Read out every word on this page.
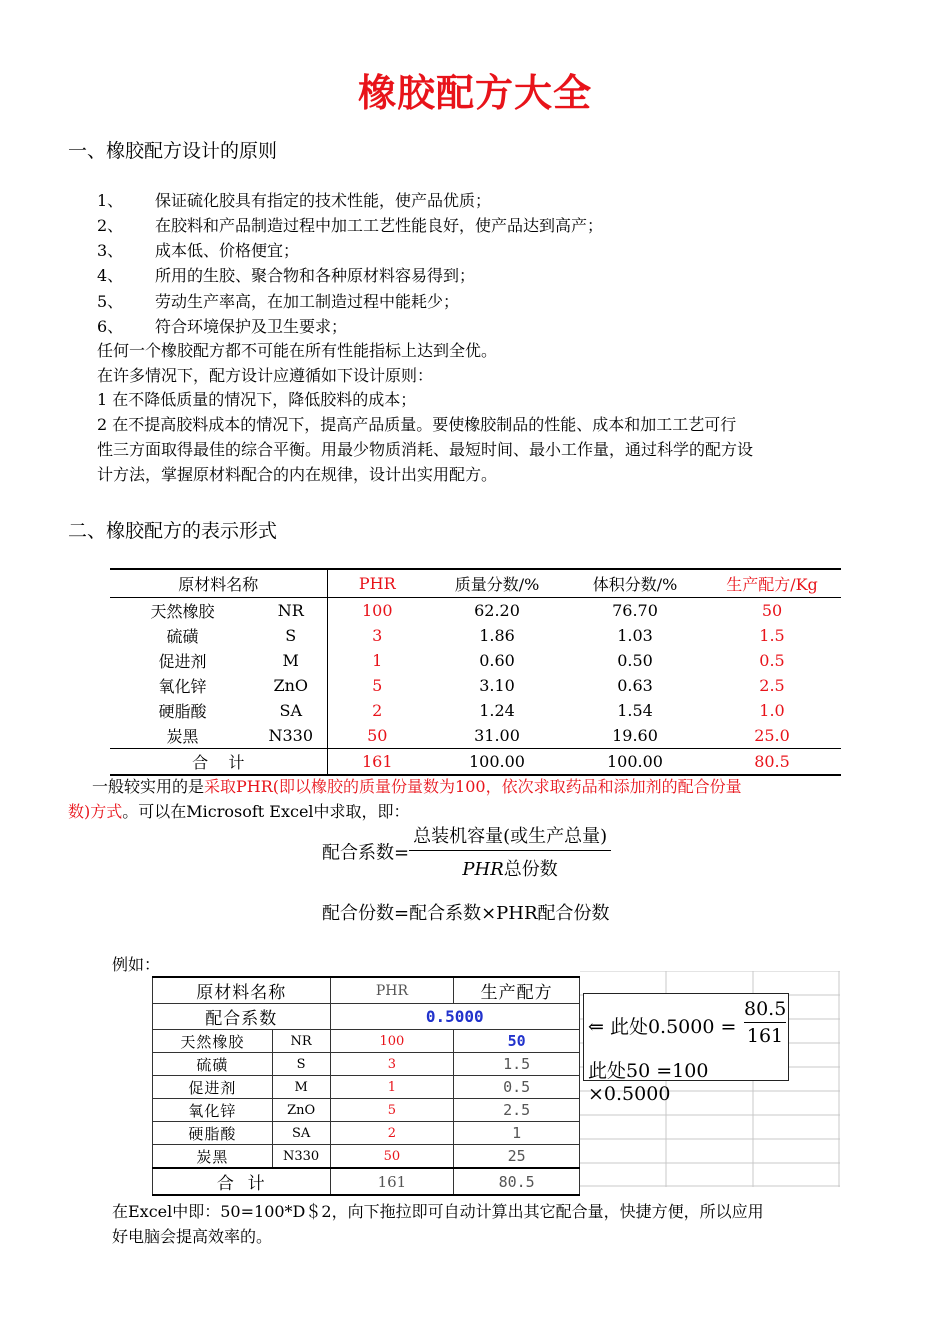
橡胶配方大全
一、橡胶配方设计的原则
1、 保证硫化胶具有指定的技术性能，使产品优质；
2、 在胶料和产品制造过程中加工工艺性能良好，使产品达到高产；
3、 成本低、价格便宜；
4、 所用的生胶、聚合物和各种原材料容易得到；
5、 劳动生产率高，在加工制造过程中能耗少；
6、 符合环境保护及卫生要求；
任何一个橡胶配方都不可能在所有性能指标上达到全优。
在许多情况下，配方设计应遵循如下设计原则：
1 在不降低质量的情况下，降低胶料的成本；
2 在不提高胶料成本的情况下，提高产品质量。要使橡胶制品的性能、成本和加工工艺可行
性三方面取得最佳的综合平衡。用最少物质消耗、最短时间、最小工作量，通过科学的配方设
计方法，掌握原材料配合的内在规律，设计出实用配方。
二、橡胶配方的表示形式
原材料名称		PHR	质量分数/%	体积分数/%	生产配方/Kg
天然橡胶	NR	100	62.20	76.70	50
硫磺	S	3	1.86	1.03	1.5
促进剂	M	1	0.60	0.50	0.5
氧化锌	ZnO	5	3.10	0.63	2.5
硬脂酸	SA	2	1.24	1.54	1.0
炭黑	N330	50	31.00	19.60	25.0
合    计		161	100.00	100.00	80.5
一般较实用的是采取PHR(即以橡胶的质量份量数为100，依次求取药品和添加剂的配合份量
数)方式。可以在Microsoft Excel中求取，即：
配合系数= $\frac{\text{总装机容量(或生产总量)}}{\text{PHR总份数}}$
配合份数=配合系数×PHR配合份数
例如：
原材料名称		PHR	生产配方
配合系数		0.5000	
天然橡胶	NR	100	50
硫磺	S	3	1.5
促进剂	M	1	0.5
氧化锌	ZnO	5	2.5
硬脂酸	SA	2	1
炭黑	N330	50	25
合  计		161	80.5
⇐ 此处$0.5000 = \frac{80.5}{161}$
此处50 =100 ×0.5000
在Excel中即：50=100*D＄2，向下拖拉即可自动计算出其它配合量，快捷方便，所以应用
好电脑会提高效率的。
